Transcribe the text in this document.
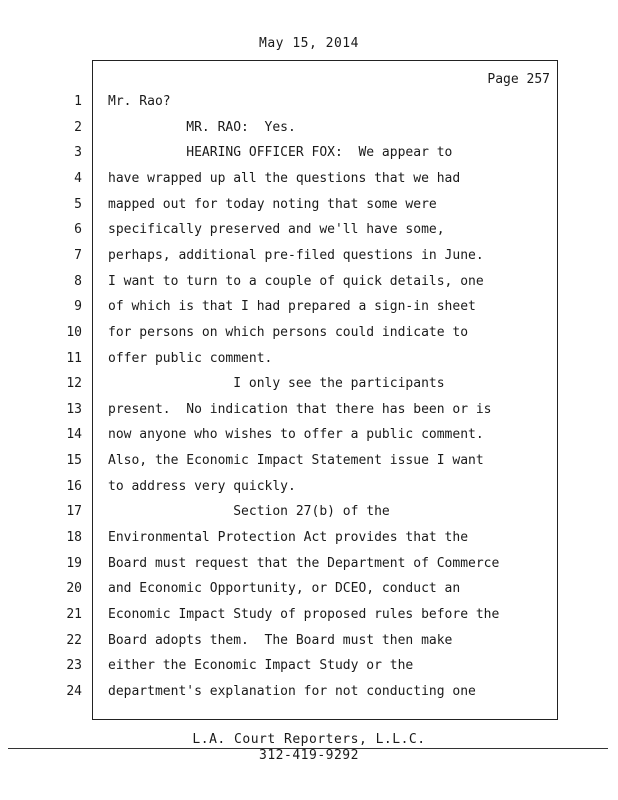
May 15, 2014
Page 257
1 Mr. Rao?
2 MR. RAO:  Yes.
3 HEARING OFFICER FOX:  We appear to
4 have wrapped up all the questions that we had
5 mapped out for today noting that some were
6 specifically preserved and we'll have some,
7 perhaps, additional pre-filed questions in June.
8 I want to turn to a couple of quick details, one
9 of which is that I had prepared a sign-in sheet
10 for persons on which persons could indicate to
11 offer public comment.
12 I only see the participants
13 present.  No indication that there has been or is
14 now anyone who wishes to offer a public comment.
15 Also, the Economic Impact Statement issue I want
16 to address very quickly.
17 Section 27(b) of the
18 Environmental Protection Act provides that the
19 Board must request that the Department of Commerce
20 and Economic Opportunity, or DCEO, conduct an
21 Economic Impact Study of proposed rules before the
22 Board adopts them.  The Board must then make
23 either the Economic Impact Study or the
24 department's explanation for not conducting one
L.A. Court Reporters, L.L.C.
312-419-9292
